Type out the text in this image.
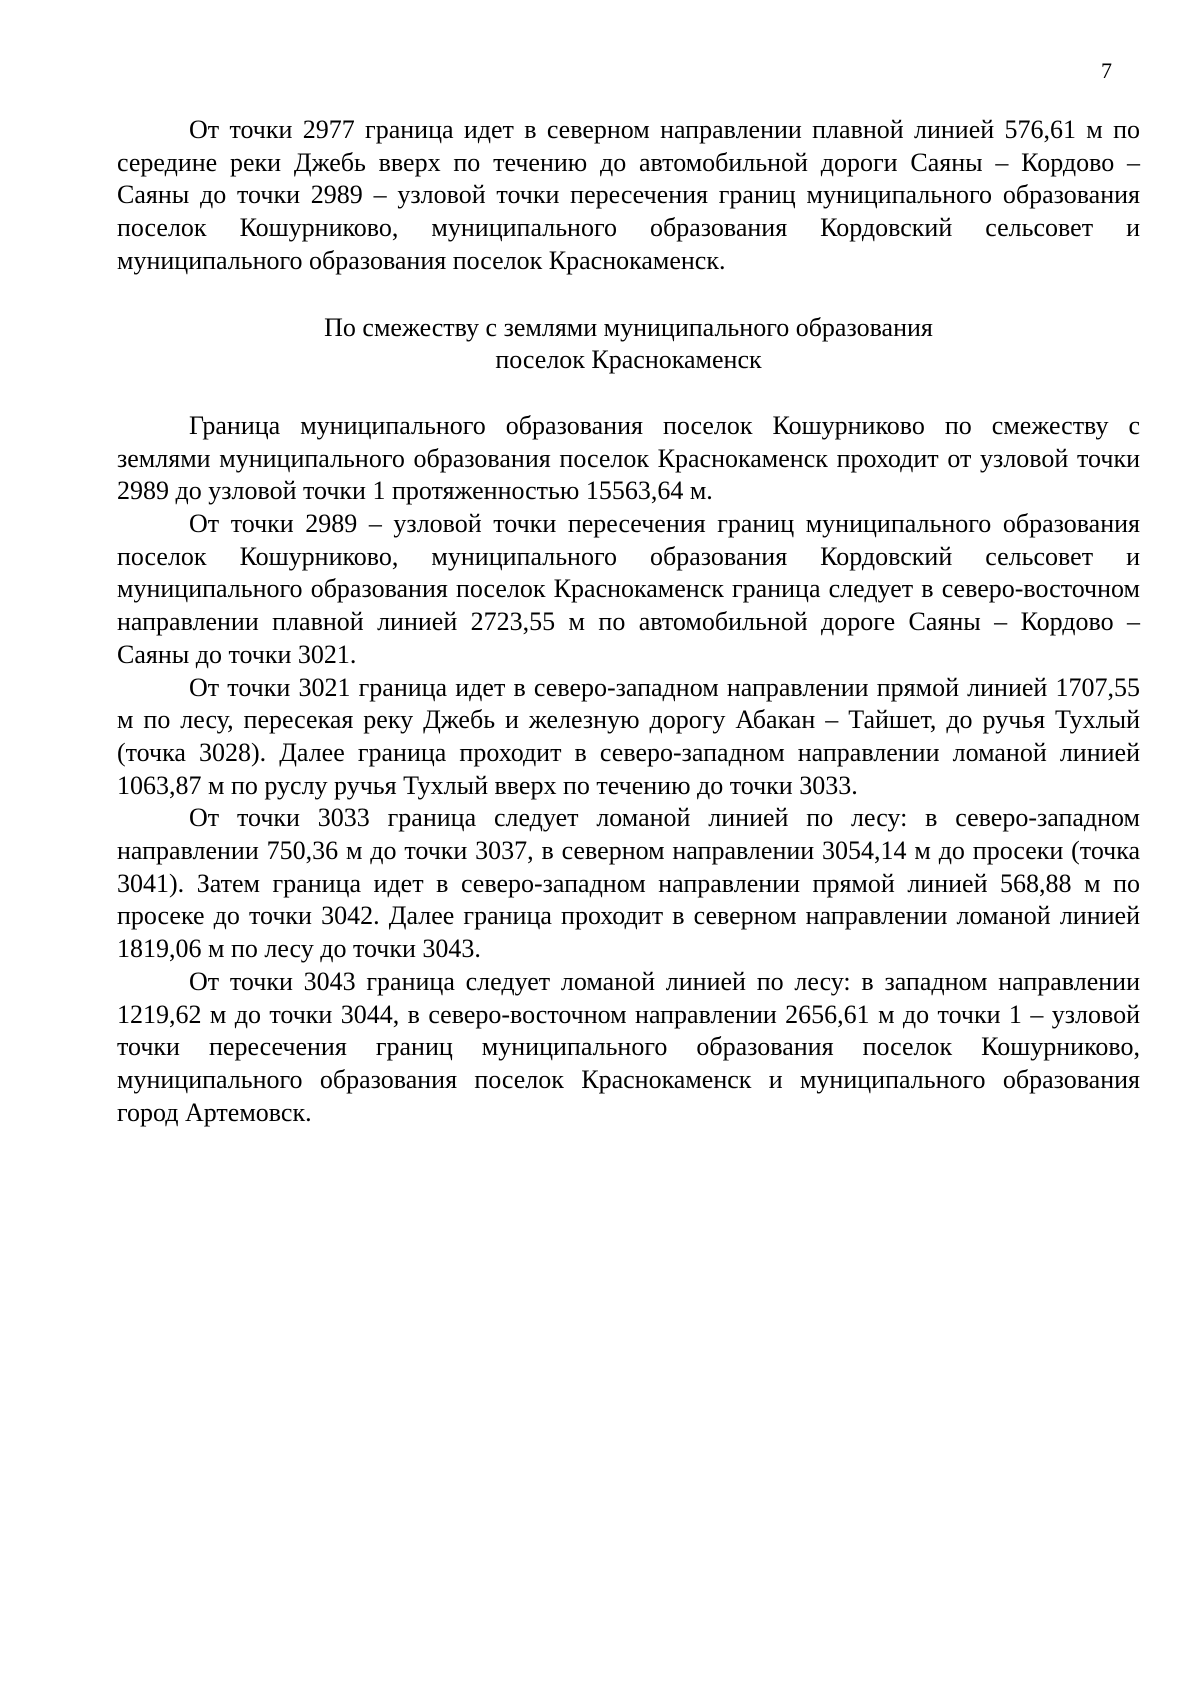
7

От точки 2977 граница идет в северном направлении плавной линией 576,61 м по середине реки Джебь вверх по течению до автомобильной дороги Саяны – Кордово – Саяны до точки 2989 – узловой точки пересечения границ муниципального образования поселок Кошурниково, муниципального образования Кордовский сельсовет и муниципального образования поселок Краснокаменск.

По смежеству с землями муниципального образования
поселок Краснокаменск

Граница муниципального образования поселок Кошурниково по смежеству с землями муниципального образования поселок Краснокаменск проходит от узловой точки 2989 до узловой точки 1 протяженностью 15563,64 м.

От точки 2989 – узловой точки пересечения границ муниципального образования поселок Кошурниково, муниципального образования Кордовский сельсовет и муниципального образования поселок Краснокаменск граница следует в северо-восточном направлении плавной линией 2723,55 м по автомобильной дороге Саяны – Кордово – Саяны до точки 3021.

От точки 3021 граница идет в северо-западном направлении прямой линией 1707,55 м по лесу, пересекая реку Джебь и железную дорогу Абакан – Тайшет, до ручья Тухлый (точка 3028). Далее граница проходит в северо-западном направлении ломаной линией 1063,87 м по руслу ручья Тухлый вверх по течению до точки 3033.

От точки 3033 граница следует ломаной линией по лесу: в северо-западном направлении 750,36 м до точки 3037, в северном направлении 3054,14 м до просеки (точка 3041). Затем граница идет в северо-западном направлении прямой линией 568,88 м по просеке до точки 3042. Далее граница проходит в северном направлении ломаной линией 1819,06 м по лесу до точки 3043.

От точки 3043 граница следует ломаной линией по лесу: в западном направлении 1219,62 м до точки 3044, в северо-восточном направлении 2656,61 м до точки 1 – узловой точки пересечения границ муниципального образования поселок Кошурниково, муниципального образования поселок Краснокаменск и муниципального образования город Артемовск.
